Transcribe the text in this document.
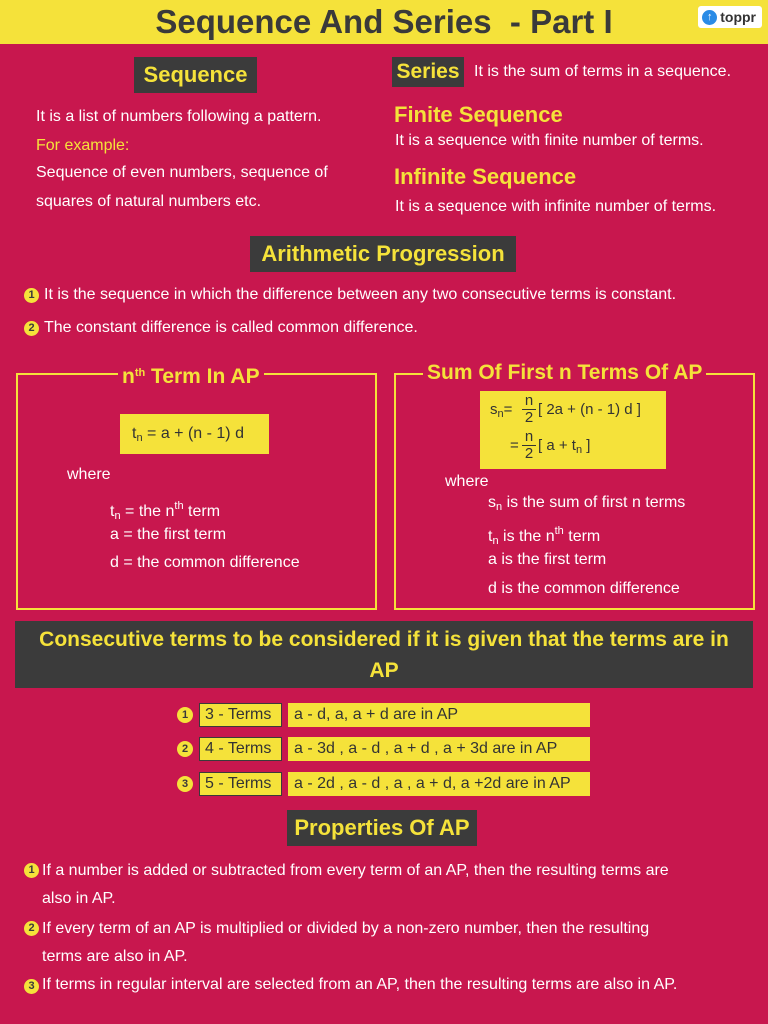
Sequence And Series  - Part I	↑ toppr
Sequence
It is a list of numbers following a pattern.
For example:
Sequence of even numbers, sequence of
squares of natural numbers etc.
Series It is the sum of terms in a sequence.
Finite Sequence
It is a sequence with finite number of terms.
Infinite Sequence
It is a sequence with infinite number of terms.
Arithmetic Progression
1 It is the sequence in which the difference between any two consecutive terms is constant.
2 The constant difference is called common difference.
$n^{th}$ Term In AP
$t_n = a + (n - 1)$ d
where
$t_n$ = the $n^{th}$ term
a = the first term
d = the common difference
Sum Of First n Terms Of AP
$s_n= \frac{n}{2}$ [ 2a + (n - 1) d ]
= $\frac{n}{2}$ [ $a + t_n$ ]
where
$s_n$ is the sum of first n terms
$t_n$ is the $n^{th}$ term
a is the first term
d is the common difference
Consecutive terms to be considered if it is given that the terms are in AP
1	3 - Terms	a - d, a, a + d are in AP
2	4 - Terms	a - 3d , a - d , a + d , a + 3d are in AP
3	5 - Terms	a - 2d , a - d , a , a + d, a +2d are in AP
Properties Of AP
1 If a number is added or subtracted from every term of an AP, then the resulting terms are
also in AP.
2 If every term of an AP is multiplied or divided by a non-zero number, then the resulting
terms are also in AP.
3 If terms in regular interval are selected from an AP, then the resulting terms are also in AP.
